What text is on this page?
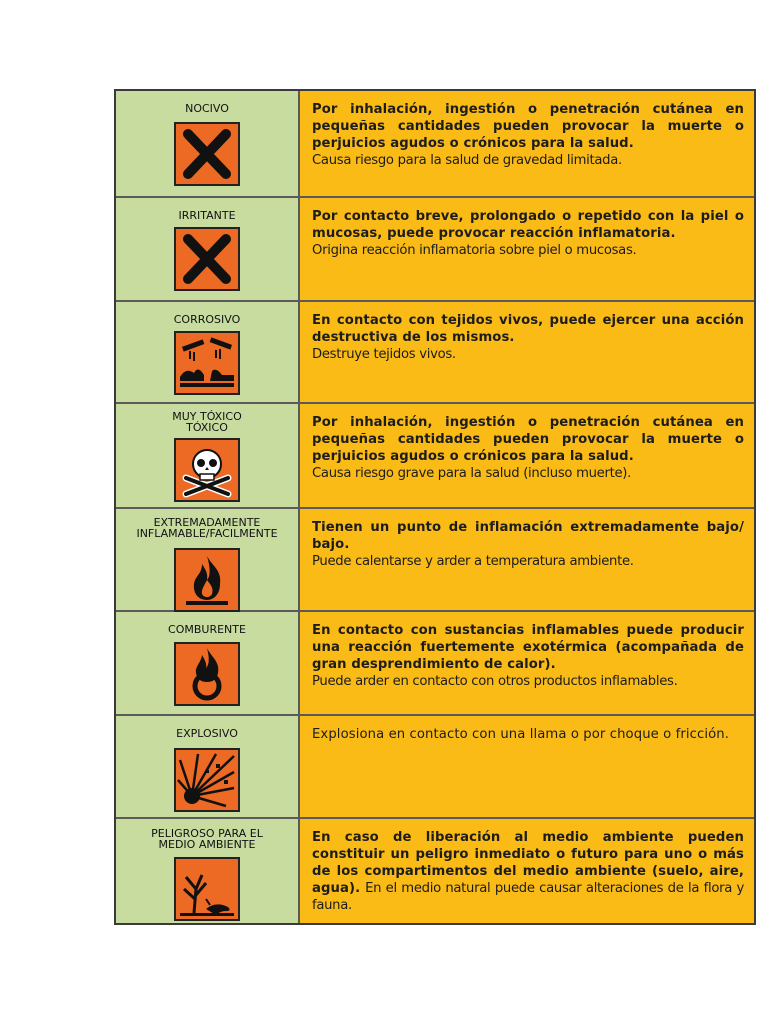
NOCIVO	Por inhalación, ingestión o penetración cutánea en pequeñas cantidades pueden provocar la muerte o perjuicios agudos o crónicos para la salud.
Causa riesgo para la salud de gravedad limitada.
IRRITANTE	Por contacto breve, prolongado o repetido con la piel o mucosas, puede provocar reacción inflamatoria.
Origina reacción inflamatoria sobre piel o mucosas.
CORROSIVO	En contacto con tejidos vivos, puede ejercer una acción destructiva de los mismos.
Destruye tejidos vivos.
MUY TÓXICO
TÓXICO	Por inhalación, ingestión o penetración cutánea en pequeñas cantidades pueden provocar la muerte o perjuicios agudos o crónicos para la salud.
Causa riesgo grave para la salud (incluso muerte).
EXTREMADAMENTE
INFLAMABLE/FACILMENTE	Tienen un punto de inflamación extremadamente bajo/ bajo.
Puede calentarse y arder a temperatura ambiente.
COMBURENTE	En contacto con sustancias inflamables puede producir una reacción fuertemente exotérmica (acompañada de gran desprendimiento de calor).
Puede arder en contacto con otros productos inflamables.
EXPLOSIVO	Explosiona en contacto con una llama o por choque o fricción.
PELIGROSO PARA EL
MEDIO AMBIENTE	En caso de liberación al medio ambiente pueden constituir un peligro inmediato o futuro para uno o más de los compartimentos del medio ambiente (suelo, aire, agua). En el medio natural puede causar alteraciones de la flora y fauna.
